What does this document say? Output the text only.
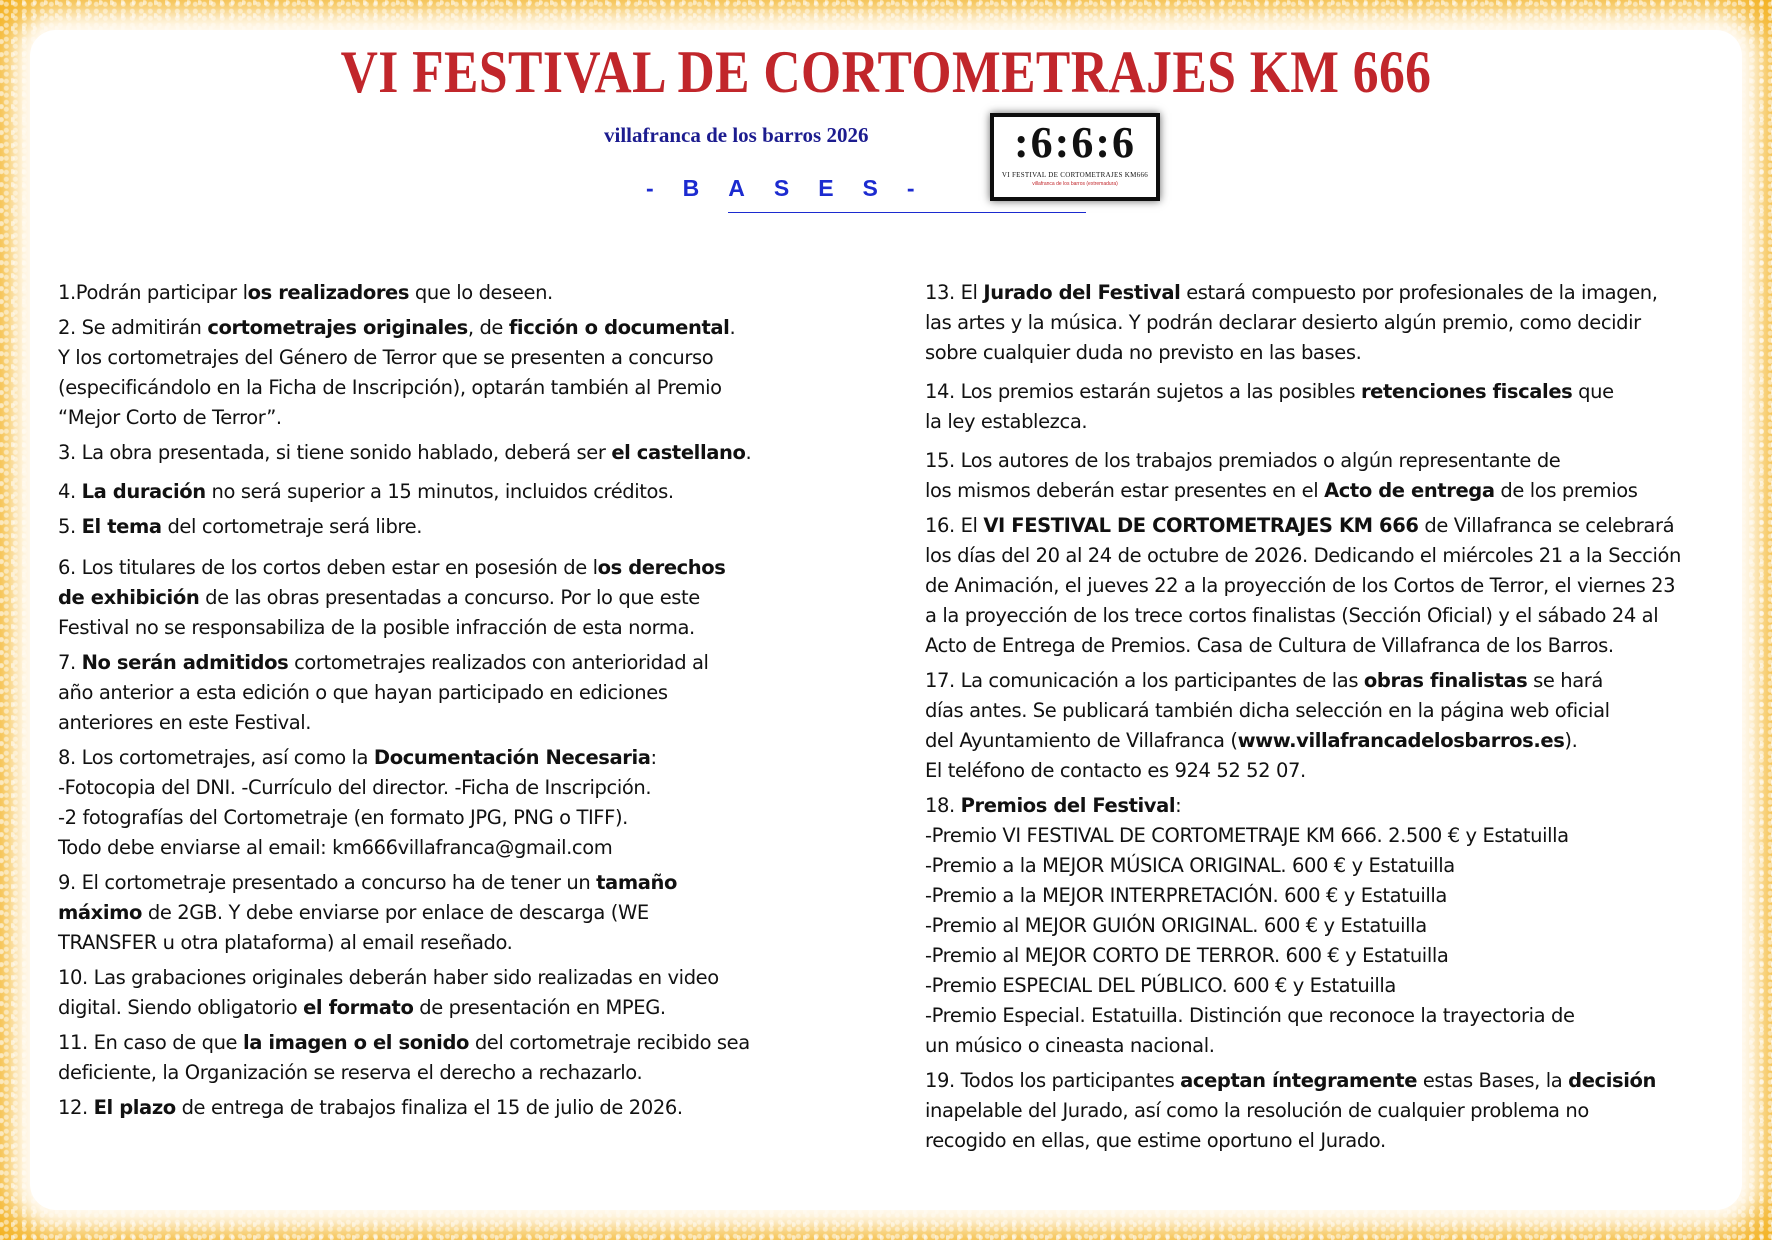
VI FESTIVAL DE CORTOMETRAJES KM 666
villafranca de los barros 2026
-BASES-
:6:6:6
VI FESTIVAL DE CORTOMETRAJES KM666
villafranca de los barros (extremadura)

1.Podrán participar los realizadores que lo deseen.

2. Se admitirán cortometrajes originales, de ficción o documental.
Y los cortometrajes del Género de Terror que se presenten a concurso
(especificándolo en la Ficha de Inscripción), optarán también al Premio
“Mejor Corto de Terror”.

3. La obra presentada, si tiene sonido hablado, deberá ser el castellano.

4. La duración no será superior a 15 minutos, incluidos créditos.

5. El tema del cortometraje será libre.

6. Los titulares de los cortos deben estar en posesión de los derechos
de exhibición de las obras presentadas a concurso. Por lo que este
Festival no se responsabiliza de la posible infracción de esta norma.

7. No serán admitidos cortometrajes realizados con anterioridad al
año anterior a esta edición o que hayan participado en ediciones
anteriores en este Festival.

8. Los cortometrajes, así como la Documentación Necesaria:
-Fotocopia del DNI. -Currículo del director. -Ficha de Inscripción.
-2 fotografías del Cortometraje (en formato JPG, PNG o TIFF).
Todo debe enviarse al email: km666villafranca@gmail.com

9. El cortometraje presentado a concurso ha de tener un tamaño
máximo de 2GB. Y debe enviarse por enlace de descarga (WE
TRANSFER u otra plataforma) al email reseñado.

10. Las grabaciones originales deberán haber sido realizadas en video
digital. Siendo obligatorio el formato de presentación en MPEG.

11. En caso de que la imagen o el sonido del cortometraje recibido sea
deficiente, la Organización se reserva el derecho a rechazarlo.

12. El plazo de entrega de trabajos finaliza el 15 de julio de 2026.

13. El Jurado del Festival estará compuesto por profesionales de la imagen,
las artes y la música. Y podrán declarar desierto algún premio, como decidir
sobre cualquier duda no previsto en las bases.

14. Los premios estarán sujetos a las posibles retenciones fiscales que
la ley establezca.

15. Los autores de los trabajos premiados o algún representante de
los mismos deberán estar presentes en el Acto de entrega de los premios

16. El VI FESTIVAL DE CORTOMETRAJES KM 666 de Villafranca se celebrará
los días del 20 al 24 de octubre de 2026. Dedicando el miércoles 21 a la Sección
de Animación, el jueves 22 a la proyección de los Cortos de Terror, el viernes 23
a la proyección de los trece cortos finalistas (Sección Oficial) y el sábado 24 al
Acto de Entrega de Premios. Casa de Cultura de Villafranca de los Barros.

17. La comunicación a los participantes de las obras finalistas se hará
días antes. Se publicará también dicha selección en la página web oficial
del Ayuntamiento de Villafranca (www.villafrancadelosbarros.es).
El teléfono de contacto es 924 52 52 07.

18. Premios del Festival:
-Premio VI FESTIVAL DE CORTOMETRAJE KM 666. 2.500 € y Estatuilla
-Premio a la MEJOR MÚSICA ORIGINAL. 600 € y Estatuilla
-Premio a la MEJOR INTERPRETACIÓN. 600 € y Estatuilla
-Premio al MEJOR GUIÓN ORIGINAL. 600 € y Estatuilla
-Premio al MEJOR CORTO DE TERROR. 600 € y Estatuilla
-Premio ESPECIAL DEL PÚBLICO. 600 € y Estatuilla
-Premio Especial. Estatuilla. Distinción que reconoce la trayectoria de
un músico o cineasta nacional.

19. Todos los participantes aceptan íntegramente estas Bases, la decisión
inapelable del Jurado, así como la resolución de cualquier problema no
recogido en ellas, que estime oportuno el Jurado.
